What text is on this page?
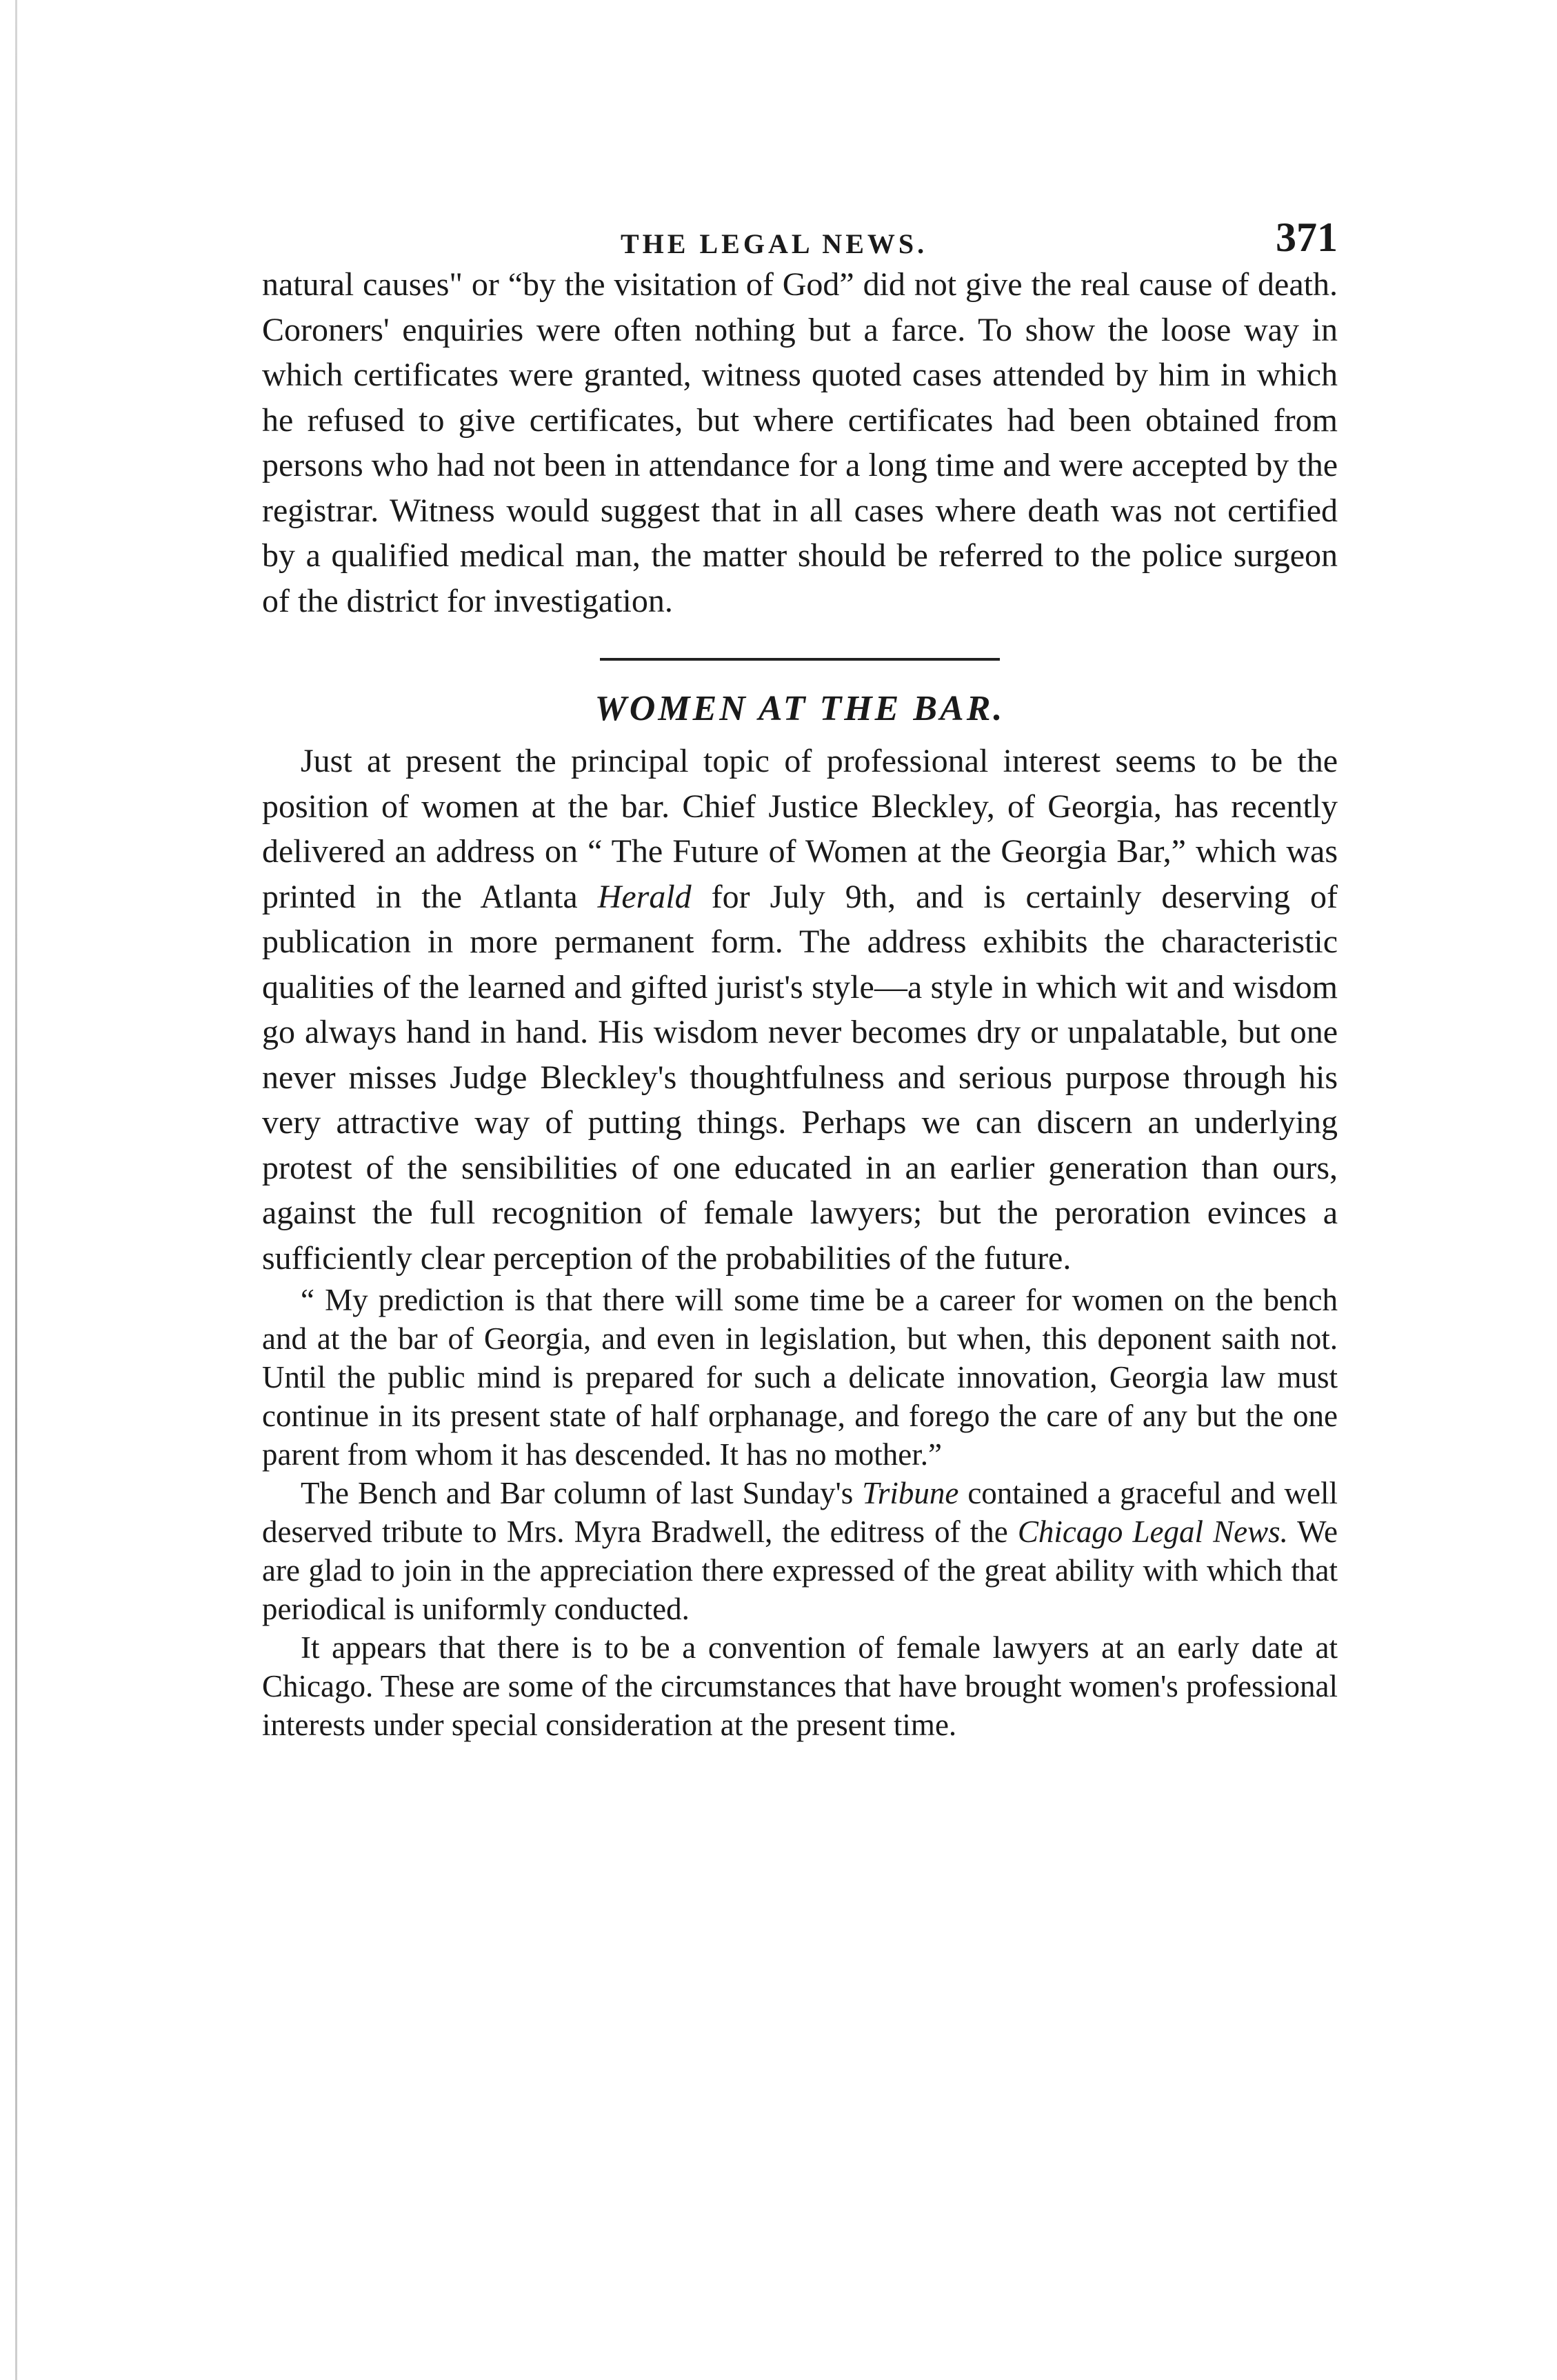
THE LEGAL NEWS.	371

natural causes" or “by the visitation of God” did not give the real cause of death. Coroners' enquiries were often nothing but a farce. To show the loose way in which certificates were granted, witness quoted cases attended by him in which he refused to give certificates, but where certificates had been obtained from persons who had not been in attendance for a long time and were accepted by the registrar. Witness would suggest that in all cases where death was not certified by a qualified medical man, the matter should be referred to the police surgeon of the district for investigation.

WOMEN AT THE BAR.

Just at present the principal topic of professional interest seems to be the position of women at the bar. Chief Justice Bleckley, of Georgia, has recently delivered an address on “ The Future of Women at the Georgia Bar,” which was printed in the Atlanta Herald for July 9th, and is certainly deserving of publication in more permanent form. The address exhibits the characteristic qualities of the learned and gifted jurist's style—a style in which wit and wisdom go always hand in hand. His wisdom never becomes dry or unpalatable, but one never misses Judge Bleckley's thoughtfulness and serious purpose through his very attractive way of putting things. Perhaps we can discern an underlying protest of the sensibilities of one educated in an earlier generation than ours, against the full recognition of female lawyers; but the peroration evinces a sufficiently clear perception of the probabilities of the future.

“ My prediction is that there will some time be a career for women on the bench and at the bar of Georgia, and even in legislation, but when, this deponent saith not. Until the public mind is prepared for such a delicate innovation, Georgia law must continue in its present state of half orphanage, and forego the care of any but the one parent from whom it has descended. It has no mother.”

The Bench and Bar column of last Sunday's Tribune contained a graceful and well deserved tribute to Mrs. Myra Bradwell, the editress of the Chicago Legal News. We are glad to join in the appreciation there expressed of the great ability with which that periodical is uniformly conducted.

It appears that there is to be a convention of female lawyers at an early date at Chicago. These are some of the circumstances that have brought women's professional interests under special consideration at the present time.
